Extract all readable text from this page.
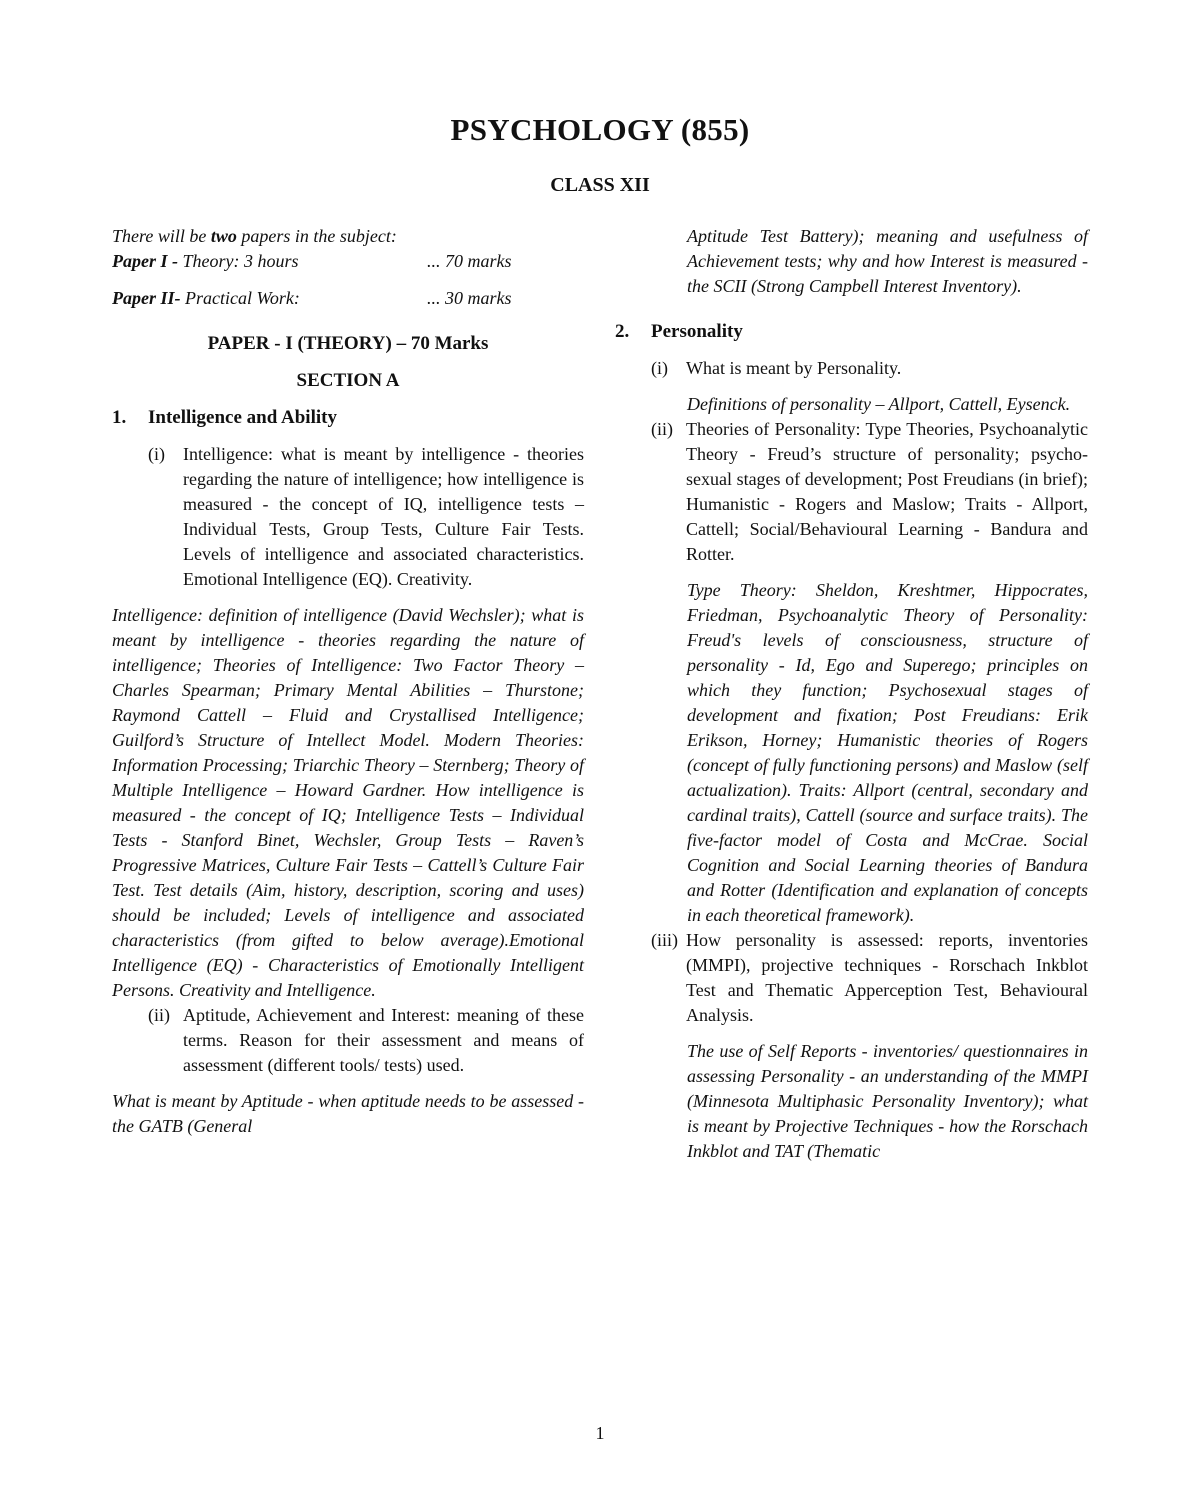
PSYCHOLOGY (855)
CLASS XII

There will be two papers in the subject:

Paper I - Theory: 3 hours	... 70 marks
Paper II- Practical Work:	... 30 marks

PAPER - I (THEORY) – 70 Marks

SECTION A

1.	Intelligence and Ability
(i)	Intelligence: what is meant by intelligence - theories regarding the nature of intelligence; how intelligence is measured - the concept of IQ, intelligence tests – Individual Tests, Group Tests, Culture Fair Tests. Levels of intelligence and associated characteristics. Emotional Intelligence (EQ). Creativity.

Intelligence: definition of intelligence (David Wechsler); what is meant by intelligence - theories regarding the nature of intelligence; Theories of Intelligence: Two Factor Theory – Charles Spearman; Primary Mental Abilities – Thurstone; Raymond Cattell – Fluid and Crystallised Intelligence; Guilford’s Structure of Intellect Model. Modern Theories: Information Processing; Triarchic Theory – Sternberg; Theory of Multiple Intelligence – Howard Gardner. How intelligence is measured - the concept of IQ; Intelligence Tests – Individual Tests - Stanford Binet, Wechsler, Group Tests – Raven’s Progressive Matrices, Culture Fair Tests – Cattell’s Culture Fair Test. Test details (Aim, history, description, scoring and uses) should be included; Levels of intelligence and associated characteristics (from gifted to below average).Emotional Intelligence (EQ) - Characteristics of Emotionally Intelligent Persons. Creativity and Intelligence.

(ii) Aptitude, Achievement and Interest: meaning of these terms. Reason for their assessment and means of assessment (different tools/ tests) used.

What is meant by Aptitude - when aptitude needs to be assessed - the GATB (General

Aptitude Test Battery); meaning and usefulness of Achievement tests; why and how Interest is measured - the SCII (Strong Campbell Interest Inventory).

2.	Personality
(i)	What is meant by Personality.

Definitions of personality – Allport, Cattell, Eysenck.

(ii) Theories of Personality: Type Theories, Psychoanalytic Theory - Freud’s structure of personality; psycho-sexual stages of development; Post Freudians (in brief); Humanistic - Rogers and Maslow; Traits - Allport, Cattell; Social/Behavioural Learning - Bandura and Rotter.

Type Theory: Sheldon, Kreshtmer, Hippocrates, Friedman, Psychoanalytic Theory of Personality: Freud's levels of consciousness, structure of personality - Id, Ego and Superego; principles on which they function; Psychosexual stages of development and fixation; Post Freudians: Erik Erikson, Horney; Humanistic theories of Rogers (concept of fully functioning persons) and Maslow (self actualization). Traits: Allport (central, secondary and cardinal traits), Cattell (source and surface traits). The five-factor model of Costa and McCrae. Social Cognition and Social Learning theories of Bandura and Rotter (Identification and explanation of concepts in each theoretical framework).

(iii) How personality is assessed: reports, inventories (MMPI), projective techniques - Rorschach Inkblot Test and Thematic Apperception Test, Behavioural Analysis.

The use of Self Reports - inventories/ questionnaires in assessing Personality - an understanding of the MMPI (Minnesota Multiphasic Personality Inventory); what is meant by Projective Techniques - how the Rorschach Inkblot and TAT (Thematic

1
